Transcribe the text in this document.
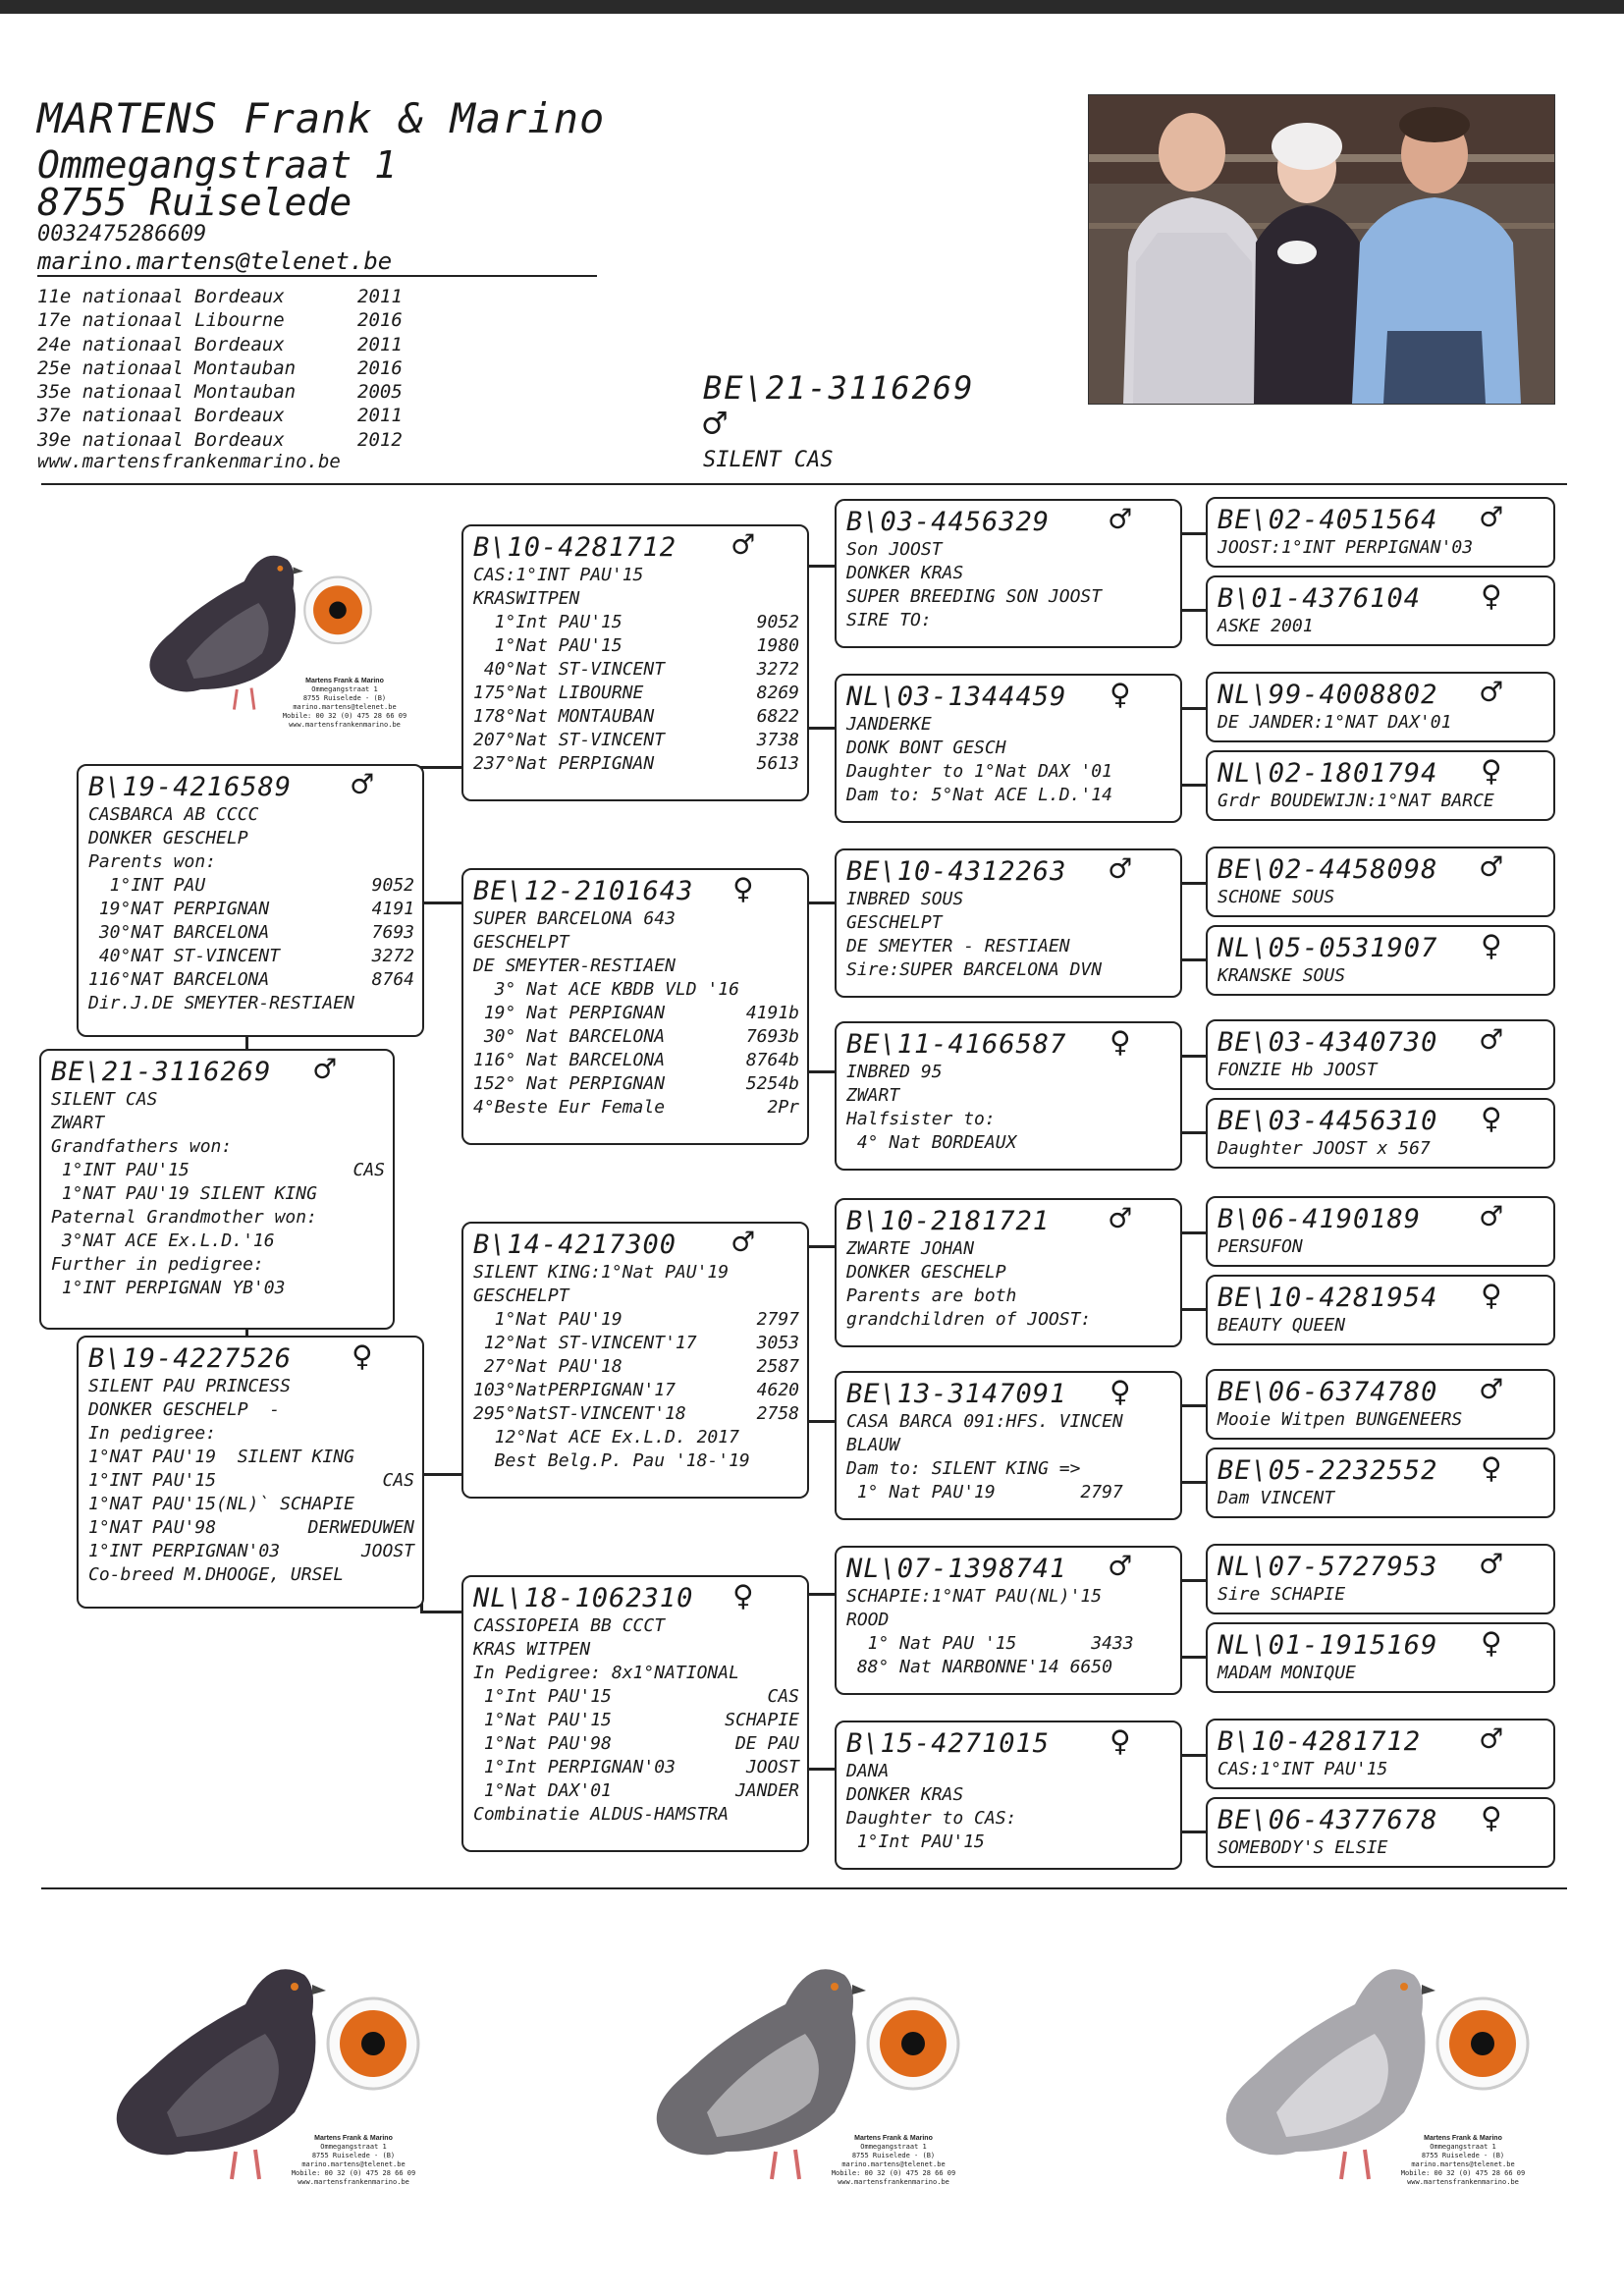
MARTENS Frank & Marino
Ommegangstraat 1
8755 Ruiselede
0032475286609
marino.martens@telenet.be
11e nationaal Bordeaux	2011
17e nationaal Libourne	2016
24e nationaal Bordeaux	2011
25e nationaal Montauban	2016
35e nationaal Montauban	2005
37e nationaal Bordeaux	2011
39e nationaal Bordeaux	2012
www.martensfrankenmarino.be
BE\21-3116269
♂
SILENT CAS
B\19-4216589	♂
CASBARCA AB CCCC
DONKER GESCHELP
Parents won:
1°INT PAU	9052
19°NAT PERPIGNAN	4191
30°NAT BARCELONA	7693
40°NAT ST-VINCENT	3272
116°NAT BARCELONA	8764
Dir.J.DE SMEYTER-RESTIAEN
BE\21-3116269	♂
SILENT CAS
ZWART
Grandfathers won:
1°INT PAU'15	CAS
1°NAT PAU'19 SILENT KING
Paternal Grandmother won:
3°NAT ACE Ex.L.D.'16
Further in pedigree:
1°INT PERPIGNAN YB'03
B\19-4227526	♀
SILENT PAU PRINCESS
DONKER GESCHELP  -
In pedigree:
1°NAT PAU'19  SILENT KING
1°INT PAU'15	CAS
1°NAT PAU'15(NL)` SCHAPIE
1°NAT PAU'98	DERWEDUWEN
1°INT PERPIGNAN'03	JOOST
Co-breed M.DHOOGE, URSEL
B\10-4281712	♂
CAS:1°INT PAU'15
KRASWITPEN
1°Int PAU'15	9052
1°Nat PAU'15	1980
40°Nat ST-VINCENT	3272
175°Nat LIBOURNE	8269
178°Nat MONTAUBAN	6822
207°Nat ST-VINCENT	3738
237°Nat PERPIGNAN	5613
BE\12-2101643	♀
SUPER BARCELONA 643
GESCHELPT
DE SMEYTER-RESTIAEN
3° Nat ACE KBDB VLD '16
19° Nat PERPIGNAN	4191b
30° Nat BARCELONA	7693b
116° Nat BARCELONA	8764b
152° Nat PERPIGNAN	5254b
4°Beste Eur Female	2Pr
B\14-4217300	♂
SILENT KING:1°Nat PAU'19
GESCHELPT
1°Nat PAU'19	2797
12°Nat ST-VINCENT'17	3053
27°Nat PAU'18	2587
103°NatPERPIGNAN'17	4620
295°NatST-VINCENT'18	2758
12°Nat ACE Ex.L.D. 2017
Best Belg.P. Pau '18-'19
NL\18-1062310	♀
CASSIOPEIA BB CCCT
KRAS WITPEN
In Pedigree: 8x1°NATIONAL
1°Int PAU'15	CAS
1°Nat PAU'15	SCHAPIE
1°Nat PAU'98	DE PAU
1°Int PERPIGNAN'03	JOOST
1°Nat DAX'01	JANDER
Combinatie ALDUS-HAMSTRA
B\03-4456329	♂
Son JOOST
DONKER KRAS
SUPER BREEDING SON JOOST
SIRE TO:
NL\03-1344459	♀
JANDERKE
DONK BONT GESCH
Daughter to 1°Nat DAX '01
Dam to: 5°Nat ACE L.D.'14
BE\10-4312263	♂
INBRED SOUS
GESCHELPT
DE SMEYTER - RESTIAEN
Sire:SUPER BARCELONA DVN
BE\11-4166587	♀
INBRED 95
ZWART
Halfsister to:
4° Nat BORDEAUX
B\10-2181721	♂
ZWARTE JOHAN
DONKER GESCHELP
Parents are both
grandchildren of JOOST:
BE\13-3147091	♀
CASA BARCA 091:HFS. VINCEN
BLAUW
Dam to: SILENT KING =>
1° Nat PAU'19        2797
NL\07-1398741	♂
SCHAPIE:1°NAT PAU(NL)'15
ROOD
1° Nat PAU '15       3433
88° Nat NARBONNE'14 6650
B\15-4271015	♀
DANA
DONKER KRAS
Daughter to CAS:
1°Int PAU'15
BE\02-4051564	♂
JOOST:1°INT PERPIGNAN'03
B\01-4376104	♀
ASKE 2001
NL\99-4008802	♂
DE JANDER:1°NAT DAX'01
NL\02-1801794	♀
Grdr BOUDEWIJN:1°NAT BARCE
BE\02-4458098	♂
SCHONE SOUS
NL\05-0531907	♀
KRANSKE SOUS
BE\03-4340730	♂
FONZIE Hb JOOST
BE\03-4456310	♀
Daughter JOOST x 567
B\06-4190189	♂
PERSUFON
BE\10-4281954	♀
BEAUTY QUEEN
BE\06-6374780	♂
Mooie Witpen BUNGENEERS
BE\05-2232552	♀
Dam VINCENT
NL\07-5727953	♂
Sire SCHAPIE
NL\01-1915169	♀
MADAM MONIQUE
B\10-4281712	♂
CAS:1°INT PAU'15
BE\06-4377678	♀
SOMEBODY'S ELSIE
Martens Frank & Marino
Ommegangstraat 1
8755 Ruiselede - (B)
marino.martens@telenet.be
Mobile: 00 32 (0) 475 28 66 09
www.martensfrankenmarino.be
Martens Frank & Marino
Ommegangstraat 1
8755 Ruiselede - (B)
marino.martens@telenet.be
Mobile: 00 32 (0) 475 28 66 09
www.martensfrankenmarino.be
Martens Frank & Marino
Ommegangstraat 1
8755 Ruiselede - (B)
marino.martens@telenet.be
Mobile: 00 32 (0) 475 28 66 09
www.martensfrankenmarino.be
Martens Frank & Marino
Ommegangstraat 1
8755 Ruiselede - (B)
marino.martens@telenet.be
Mobile: 00 32 (0) 475 28 66 09
www.martensfrankenmarino.be
